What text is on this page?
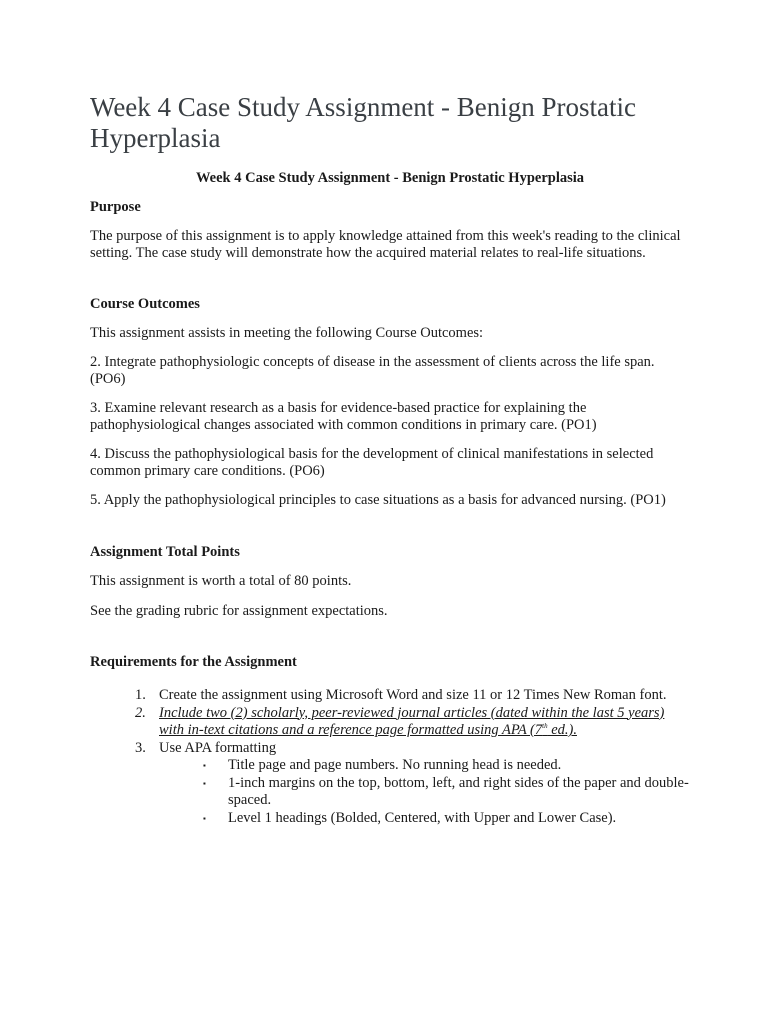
Week 4 Case Study Assignment - Benign Prostatic Hyperplasia
Week 4 Case Study Assignment - Benign Prostatic Hyperplasia
Purpose
The purpose of this assignment is to apply knowledge attained from this week's reading to the clinical setting. The case study will demonstrate how the acquired material relates to real-life situations.
Course Outcomes
This assignment assists in meeting the following Course Outcomes:
2. Integrate pathophysiologic concepts of disease in the assessment of clients across the life span. (PO6)
3. Examine relevant research as a basis for evidence-based practice for explaining the pathophysiological changes associated with common conditions in primary care. (PO1)
4. Discuss the pathophysiological basis for the development of clinical manifestations in selected common primary care conditions. (PO6)
5. Apply the pathophysiological principles to case situations as a basis for advanced nursing. (PO1)
Assignment Total Points
This assignment is worth a total of 80 points.
See the grading rubric for assignment expectations.
Requirements for the Assignment
1. Create the assignment using Microsoft Word and size 11 or 12 Times New Roman font.
2. Include two (2) scholarly, peer-reviewed journal articles (dated within the last 5 years) with in-text citations and a reference page formatted using APA (7th ed.).
3. Use APA formatting
▪	Title page and page numbers. No running head is needed.
▪	1-inch margins on the top, bottom, left, and right sides of the paper and double-spaced.
▪	Level 1 headings (Bolded, Centered, with Upper and Lower Case).
